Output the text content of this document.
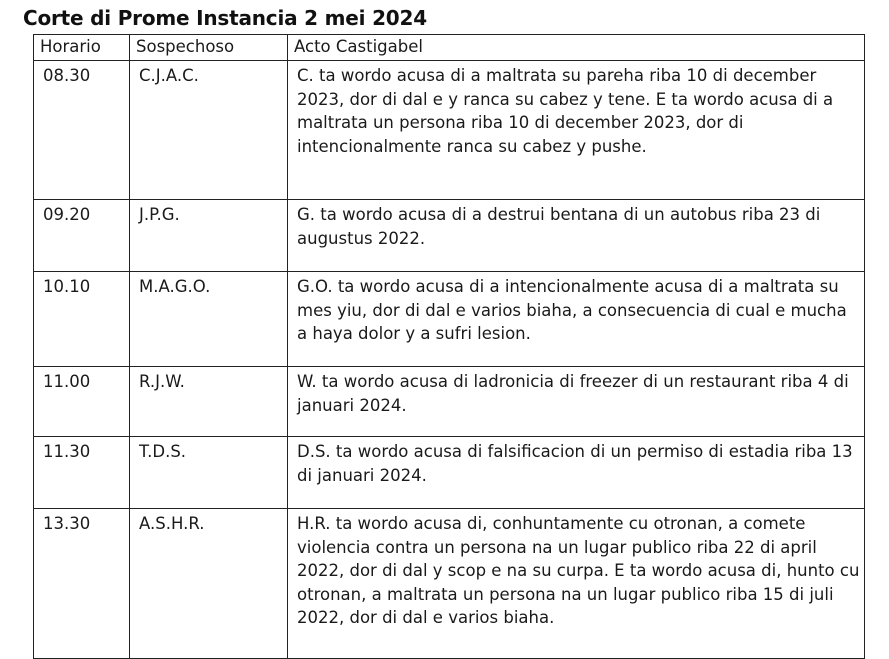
Corte di Prome Instancia 2 mei 2024
Horario	Sospechoso	Acto Castigabel
08.30	C.J.A.C.	C. ta wordo acusa di a maltrata su pareha riba 10 di december 2023, dor di dal e y ranca su cabez y tene. E ta wordo acusa di a maltrata un persona riba 10 di december 2023, dor di intencionalmente ranca su cabez y pushe.
09.20	J.P.G.	G. ta wordo acusa di a destrui bentana di un autobus riba 23 di augustus 2022.
10.10	M.A.G.O.	G.O. ta wordo acusa di a intencionalmente acusa di a maltrata su mes yiu, dor di dal e varios biaha, a consecuencia di cual e mucha a haya dolor y a sufri lesion.
11.00	R.J.W.	W. ta wordo acusa di ladronicia di freezer di un restaurant riba 4 di januari 2024.
11.30	T.D.S.	D.S. ta wordo acusa di falsificacion di un permiso di estadia riba 13 di januari 2024.
13.30	A.S.H.R.	H.R. ta wordo acusa di, conhuntamente cu otronan, a comete violencia contra un persona na un lugar publico riba 22 di april 2022, dor di dal y scop e na su curpa. E ta wordo acusa di, hunto cu otronan, a maltrata un persona na un lugar publico riba 15 di juli 2022, dor di dal e varios biaha.
